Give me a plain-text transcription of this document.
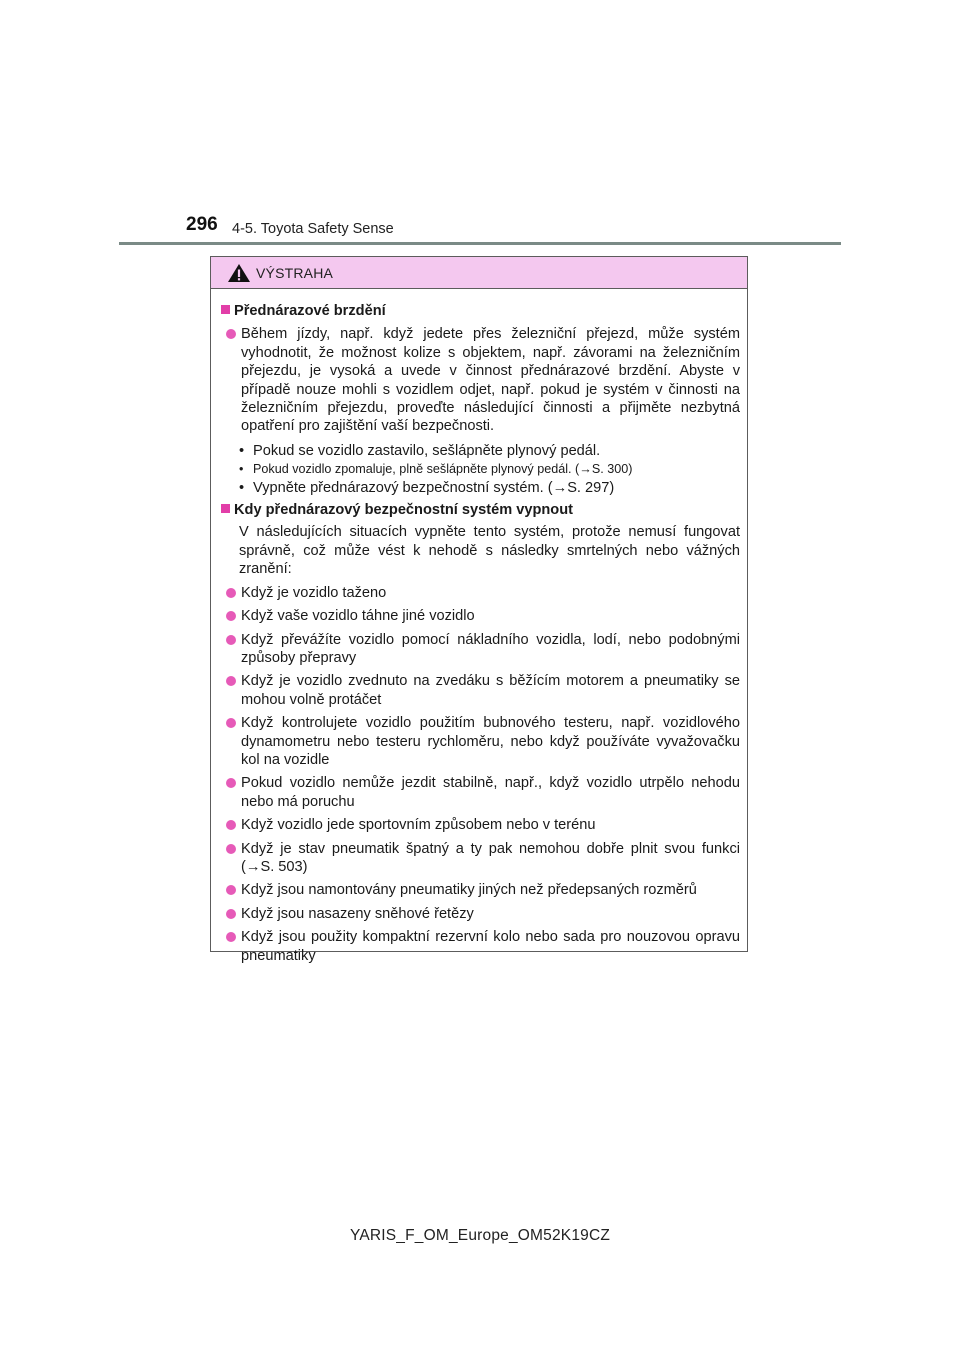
296 4-5. Toyota Safety Sense
VÝSTRAHA
Přednárazové brzdění
Během jízdy, např. když jedete přes železniční přejezd, může systém vyhodnotit, že možnost kolize s objektem, např. závorami na železničním přejezdu, je vysoká a uvede v činnost přednárazové brzdění. Abyste v případě nouze mohli s vozidlem odjet, např. pokud je systém v činnosti na železničním přejezdu, proveďte následující činnosti a přijměte nezbytná opatření pro zajištění vaší bezpečnosti.
• Pokud se vozidlo zastavilo, sešlápněte plynový pedál.
• Pokud vozidlo zpomaluje, plně sešlápněte plynový pedál. (→S. 300)
• Vypněte přednárazový bezpečnostní systém. (→S. 297)
Kdy přednárazový bezpečnostní systém vypnout
V následujících situacích vypněte tento systém, protože nemusí fungovat správně, což může vést k nehodě s následky smrtelných nebo vážných zranění:
Když je vozidlo taženo
Když vaše vozidlo táhne jiné vozidlo
Když převážíte vozidlo pomocí nákladního vozidla, lodí, nebo podobnými způsoby přepravy
Když je vozidlo zvednuto na zvedáku s běžícím motorem a pneumatiky se mohou volně protáčet
Když kontrolujete vozidlo použitím bubnového testeru, např. vozidlového dynamometru nebo testeru rychloměru, nebo když používáte vyvažovačku kol na vozidle
Pokud vozidlo nemůže jezdit stabilně, např., když vozidlo utrpělo nehodu nebo má poruchu
Když vozidlo jede sportovním způsobem nebo v terénu
Když je stav pneumatik špatný a ty pak nemohou dobře plnit svou funkci (→S. 503)
Když jsou namontovány pneumatiky jiných než předepsaných rozměrů
Když jsou nasazeny sněhové řetězy
Když jsou použity kompaktní rezervní kolo nebo sada pro nouzovou opravu pneumatiky
YARIS_F_OM_Europe_OM52K19CZ
